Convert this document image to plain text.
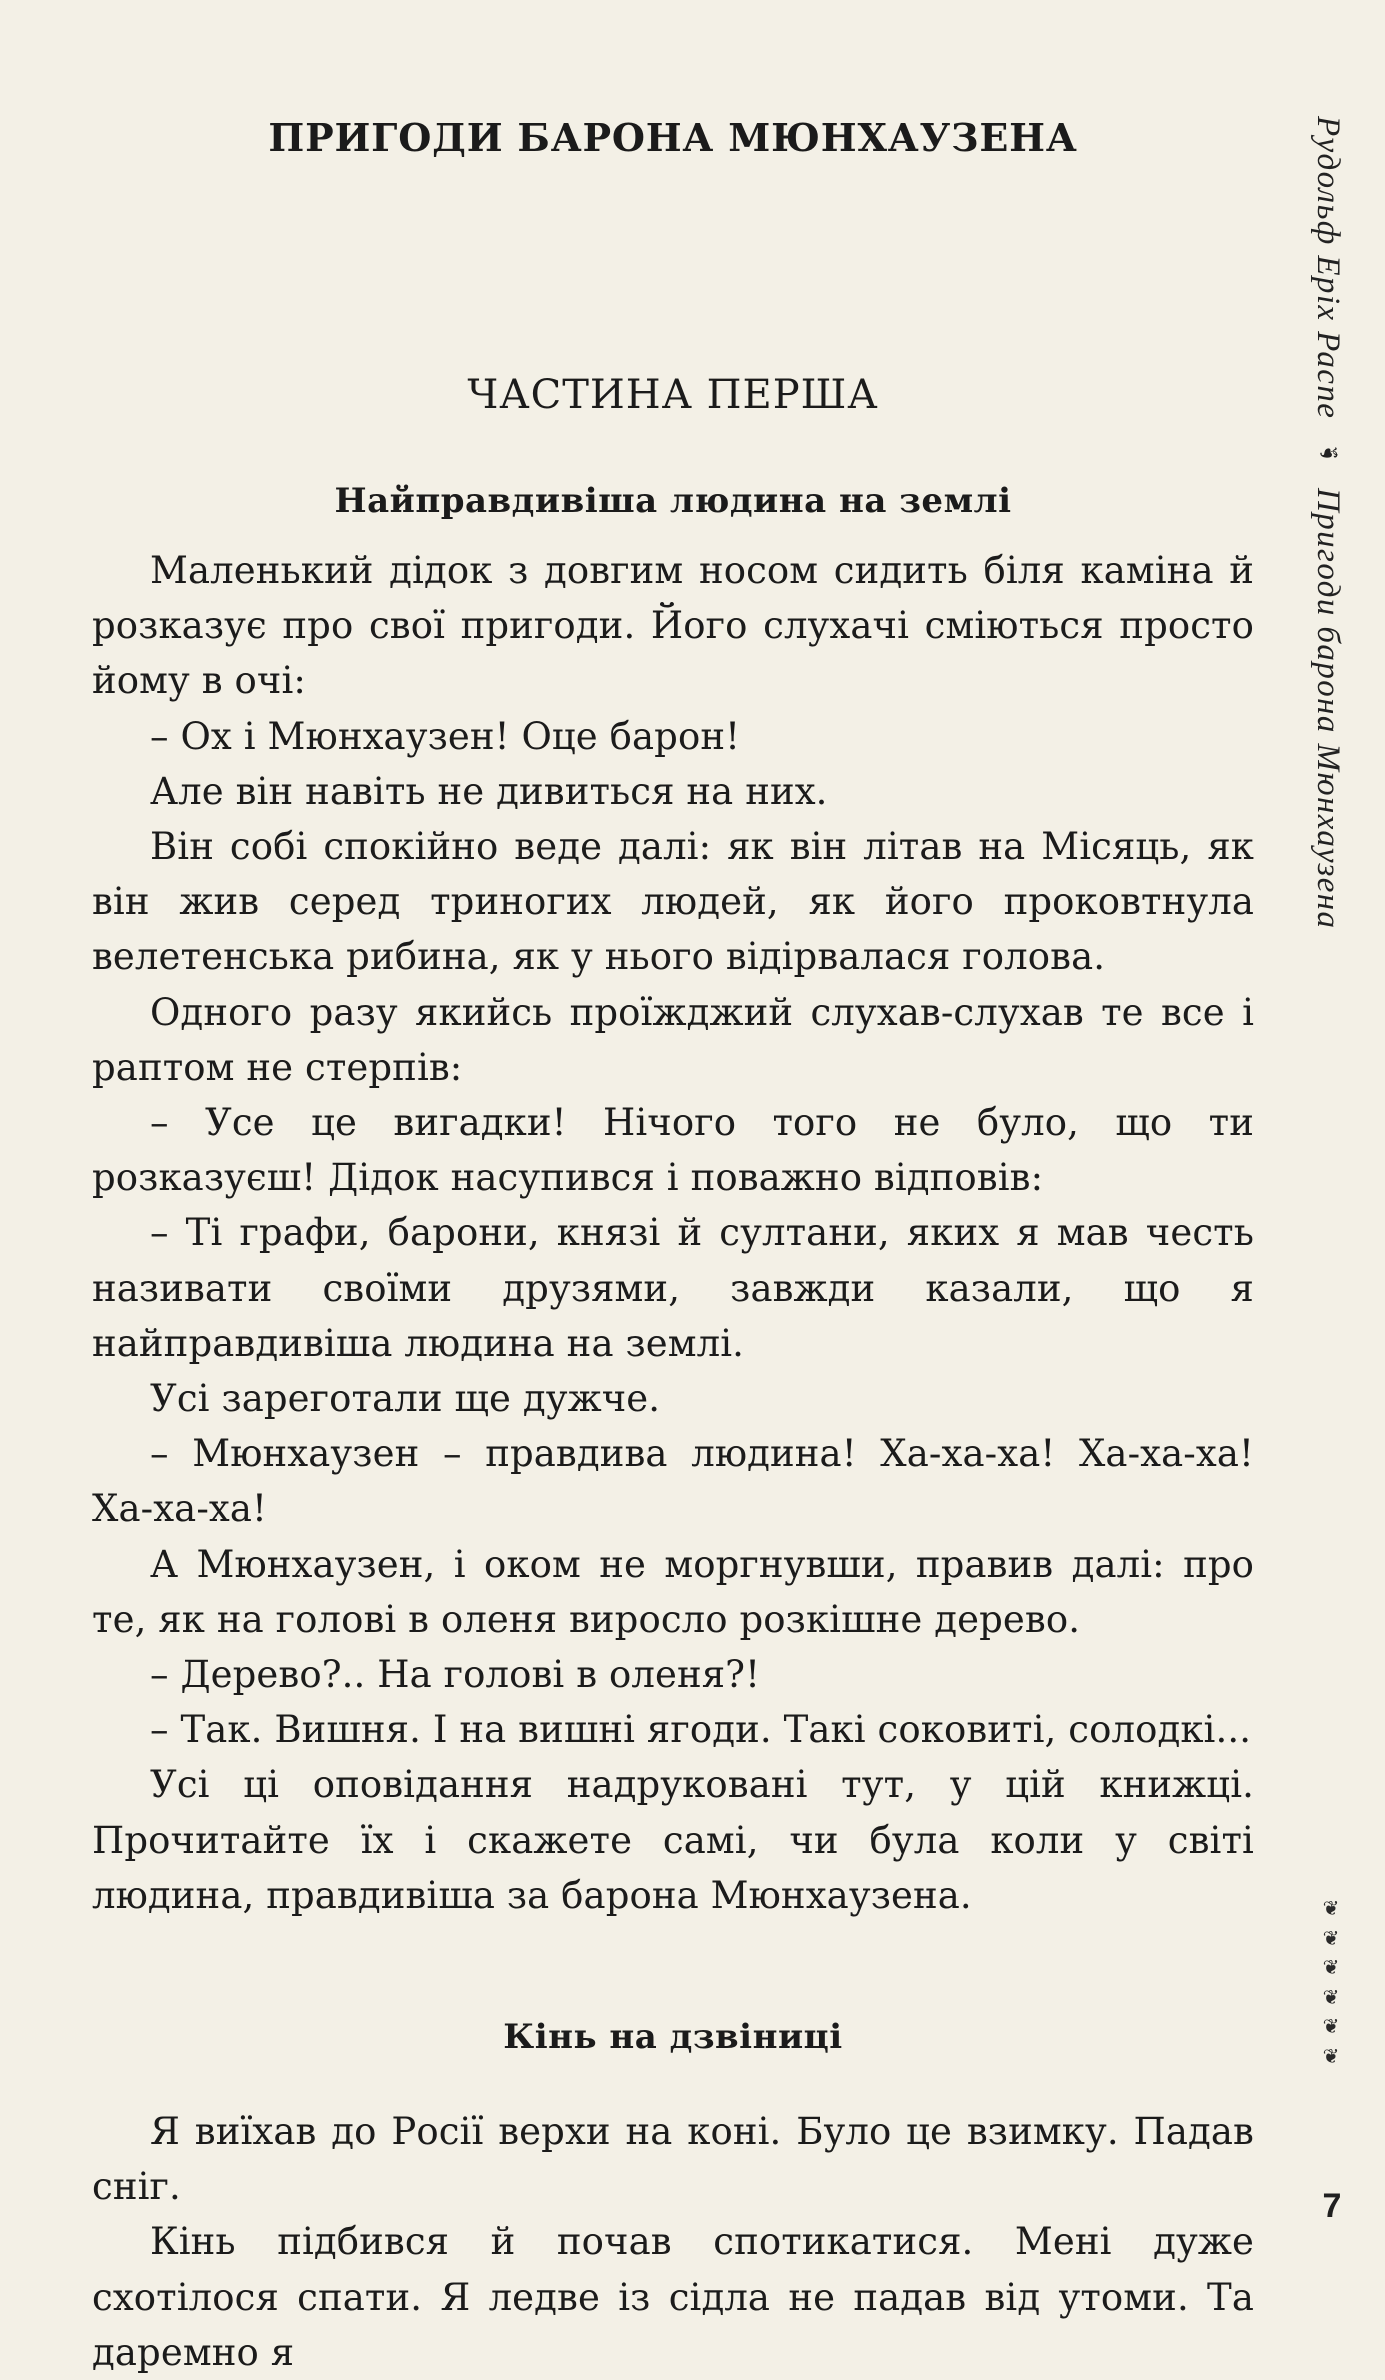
ПРИГОДИ БАРОНА МЮНХАУЗЕНА
ЧАСТИНА ПЕРША
Найправдивіша людина на землі

Маленький дідок з довгим носом сидить біля каміна й розказує про свої пригоди. Його слухачі сміються просто йому в очі:

– Ох і Мюнхаузен! Оце барон!

Але він навіть не дивиться на них.

Він собі спокійно веде далі: як він літав на Місяць, як він жив серед триногих людей, як його проковтнула велетенська рибина, як у нього відірвалася голова.

Одного разу якийсь проїжджий слухав-слухав те все і раптом не стерпів:

– Усе це вигадки! Нічого того не було, що ти розказуєш! Дідок насупився і поважно відповів:

– Ті графи, барони, князі й султани, яких я мав честь називати своїми друзями, завжди казали, що я найправдивіша людина на землі.

Усі зареготали ще дужче.

– Мюнхаузен – правдива людина! Ха-ха-ха! Ха-ха-ха! Ха-ха-ха!

А Мюнхаузен, і оком не моргнувши, правив далі: про те, як на голові в оленя виросло розкішне дерево.

– Дерево?.. На голові в оленя?!

– Так. Вишня. І на вишні ягоди. Такі соковиті, солодкі...

Усі ці оповідання надруковані тут, у цій книжці. Прочитайте їх і скажете самі, чи була коли у світі людина, правдивіша за барона Мюнхаузена.

Кінь на дзвіниці

Я виїхав до Росії верхи на коні. Було це взимку. Падав сніг.

Кінь підбився й почав спотикатися. Мені дуже схотілося спати. Я ледве із сідла не падав від утоми. Та даремно я

Рудольф Еріх Распе ☙ Пригоди барона Мюнхаузена
❦
❦
❦
❦
❦
❦
7
